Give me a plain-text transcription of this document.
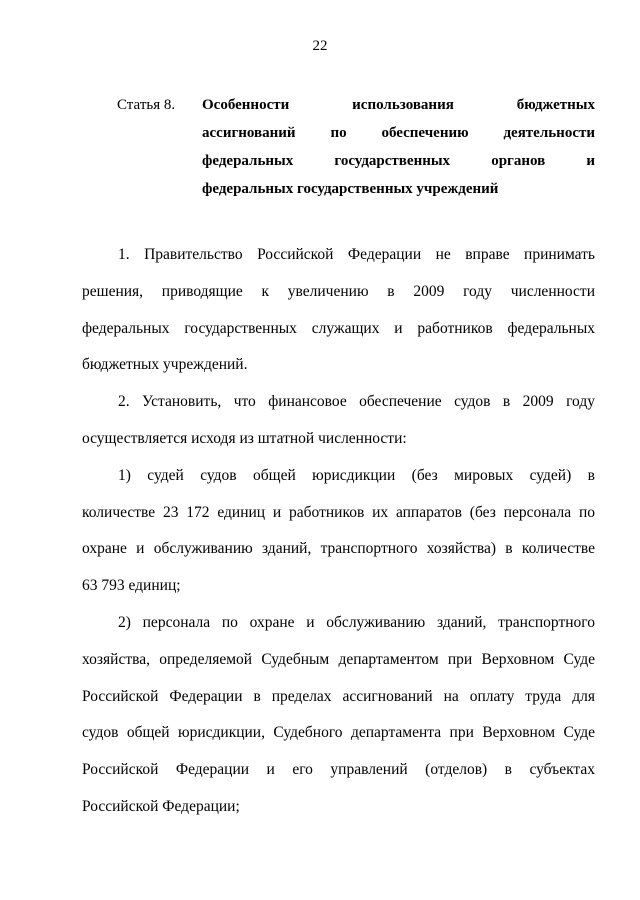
22
Статья 8. Особенности использования бюджетных
ассигнований по обеспечению деятельности
федеральных государственных органов и
федеральных государственных учреждений

1. Правительство Российской Федерации не вправе принимать
решения, приводящие к увеличению в 2009 году численности
федеральных государственных служащих и работников федеральных
бюджетных учреждений.

2. Установить, что финансовое обеспечение судов в 2009 году
осуществляется исходя из штатной численности:

1) судей судов общей юрисдикции (без мировых судей) в
количестве 23 172 единиц и работников их аппаратов (без персонала по
охране и обслуживанию зданий, транспортного хозяйства) в количестве
63 793 единиц;

2) персонала по охране и обслуживанию зданий, транспортного
хозяйства, определяемой Судебным департаментом при Верховном Суде
Российской Федерации в пределах ассигнований на оплату труда для
судов общей юрисдикции, Судебного департамента при Верховном Суде
Российской Федерации и его управлений (отделов) в субъектах
Российской Федерации;
